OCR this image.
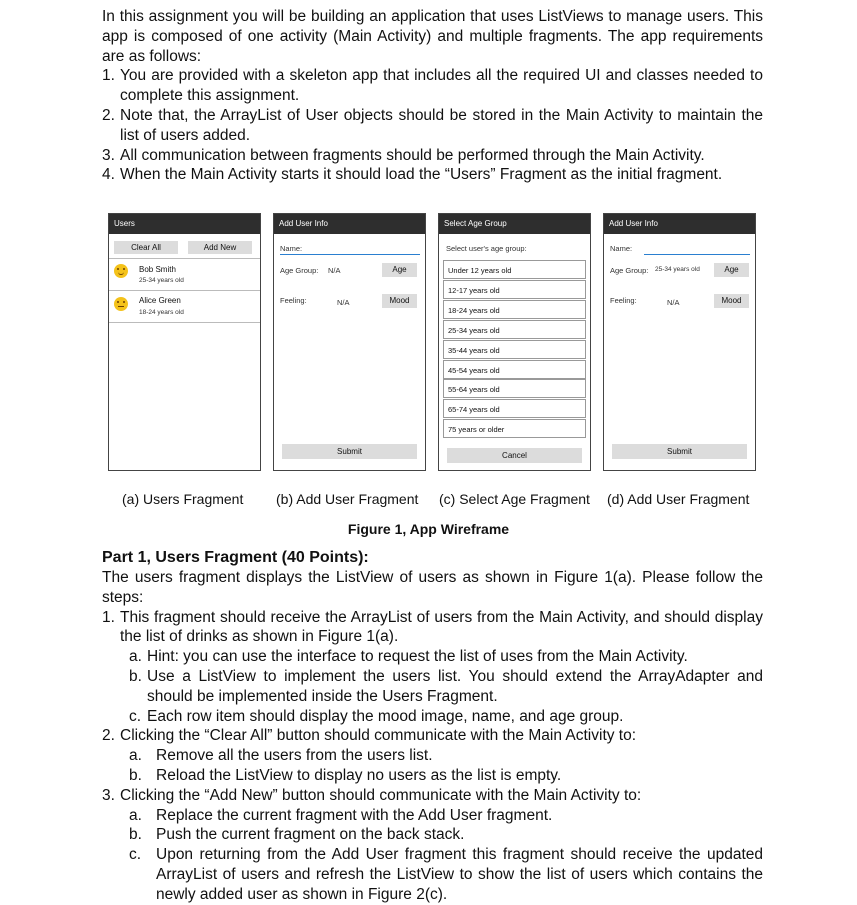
In this assignment you will be building an application that uses ListViews to manage users. This app is composed of one activity (Main Activity) and multiple fragments. The app requirements are as follows:

1. You are provided with a skeleton app that includes all the required UI and classes needed to complete this assignment.
2. Note that, the ArrayList of User objects should be stored in the Main Activity to maintain the list of users added.
3. All communication between fragments should be performed through the Main Activity.
4. When the Main Activity starts it should load the “Users” Fragment as the initial fragment.
Users
Clear All	Add New
Bob Smith
25-34 years old
Alice Green
18-24 years old
Add User Info
Name:
Age Group: N/A	Age
Feeling:	N/A	Mood
Submit
Select Age Group
Select user's age group:
Under 12 years old
12-17 years old
18-24 years old
25-34 years old
35-44 years old
45-54 years old
55-64 years old
65-74 years old
75 years or older
Cancel
Add User Info
Name:
Age Group: 25-34 years old	Age
Feeling:	N/A	Mood
Submit
(a) Users Fragment (b) Add User Fragment (c) Select Age Fragment (d) Add User Fragment
Figure 1, App Wireframe
Part 1, Users Fragment (40 Points):

The users fragment displays the ListView of users as shown in Figure 1(a). Please follow the steps:

1. This fragment should receive the ArrayList of users from the Main Activity, and should display the list of drinks as shown in Figure 1(a).
a. Hint: you can use the interface to request the list of uses from the Main Activity.
b. Use a ListView to implement the users list. You should extend the ArrayAdapter and should be implemented inside the Users Fragment.
c. Each row item should display the mood image, name, and age group.
2. Clicking the “Clear All” button should communicate with the Main Activity to:
a. Remove all the users from the users list.
b. Reload the ListView to display no users as the list is empty.
3. Clicking the “Add New” button should communicate with the Main Activity to:
a. Replace the current fragment with the Add User fragment.
b. Push the current fragment on the back stack.
c. Upon returning from the Add User fragment this fragment should receive the updated ArrayList of users and refresh the ListView to show the list of users which contains the newly added user as shown in Figure 2(c).
